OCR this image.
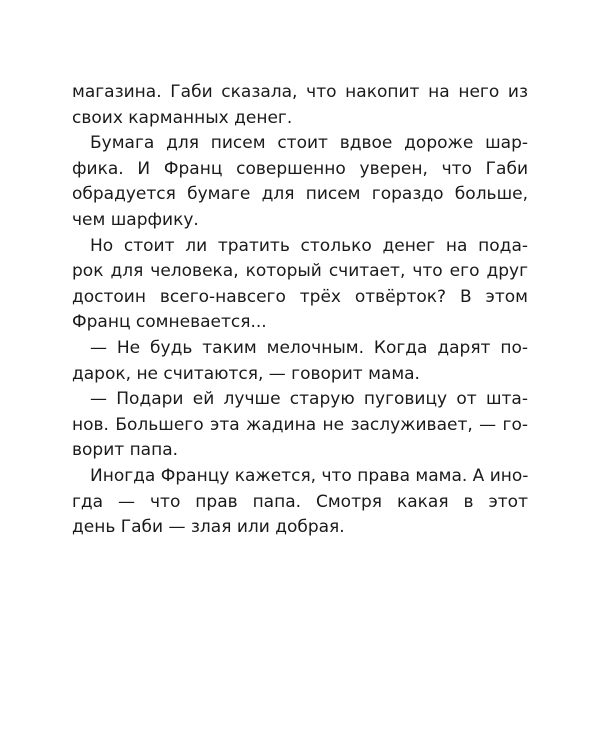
магазина. Габи сказала, что накопит на него из
своих карманных денег.
Бумага для писем стоит вдвое дороже шар-
фика. И Франц совершенно уверен, что Габи
обрадуется бумаге для писем гораздо больше,
чем шарфику.
Но стоит ли тратить столько денег на пода-
рок для человека, который считает, что его друг
достоин всего-навсего трёх отвёрток? В этом
Франц сомневается...
— Не будь таким мелочным. Когда дарят по-
дарок, не считаются, — говорит мама.
— Подари ей лучше старую пуговицу от шта-
нов. Большего эта жадина не заслуживает, — го-
ворит папа.
Иногда Францу кажется, что права мама. А ино-
гда — что прав папа. Смотря какая в этот
день Габи — злая или добрая.
